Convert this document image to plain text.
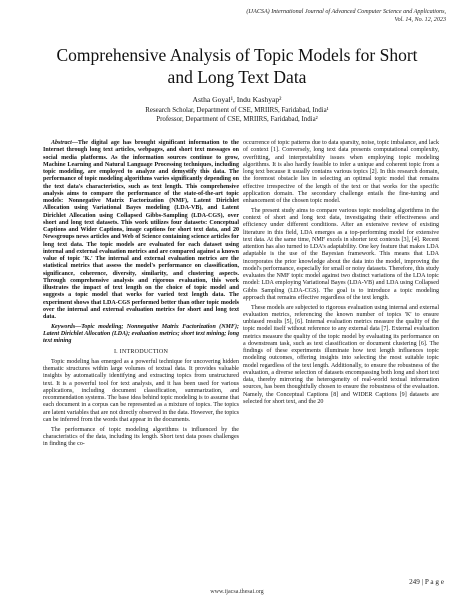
(IJACSA) International Journal of Advanced Computer Science and Applications,
Vol. 14, No. 12, 2023
Comprehensive Analysis of Topic Models for Short
and Long Text Data
Astha Goyal¹, Indu Kashyap²
Research Scholar, Department of CSE, MRIIRS, Faridabad, India¹
Professor, Department of CSE, MRIIRS, Faridabad, India²

Abstract—The digital age has brought significant information to the Internet through long text articles, webpages, and short text messages on social media platforms. As the information sources continue to grow, Machine Learning and Natural Language Processing techniques, including topic modeling, are employed to analyze and demystify this data. The performance of topic modeling algorithms varies significantly depending on the text data's characteristics, such as text length. This comprehensive analysis aims to compare the performance of the state-of-the-art topic models: Nonnegative Matrix Factorization (NMF), Latent Dirichlet Allocation using Variational Bayes modeling (LDA-VB), and Latent Dirichlet Allocation using Collapsed Gibbs-Sampling (LDA-CGS), over short and long text datasets. This work utilizes four datasets: Conceptual Captions and Wider Captions, image captions for short text data, and 20 Newsgroups news articles and Web of Science containing science articles for long text data. The topic models are evaluated for each dataset using internal and external evaluation metrics and are compared against a known value of topic 'K.' The internal and external evaluation metrics are the statistical metrics that assess the model's performance on classification, significance, coherence, diversity, similarity, and clustering aspects. Through comprehensive analysis and rigorous evaluation, this work illustrates the impact of text length on the choice of topic model and suggests a topic model that works for varied text length data. The experiment shows that LDA-CGS performed better than other topic models over the internal and external evaluation metrics for short and long text data.

Keywords—Topic modeling; Nonnegative Matrix Factorization (NMF); Latent Dirichlet Allocation (LDA); evaluation metrics; short text mining; long text mining

I. INTRODUCTION

Topic modeling has emerged as a powerful technique for uncovering hidden thematic structures within large volumes of textual data. It provides valuable insights by automatically identifying and extracting topics from unstructured text. It is a powerful tool for text analysis, and it has been used for various applications, including document classification, summarization, and recommendation systems. The base idea behind topic modeling is to assume that each document in a corpus can be represented as a mixture of topics. The topics are latent variables that are not directly observed in the data. However, the topics can be inferred from the words that appear in the documents.

The performance of topic modeling algorithms is influenced by the characteristics of the data, including its length. Short text data poses challenges in finding the co-

occurrence of topic patterns due to data sparsity, noise, topic imbalance, and lack of context [1]. Conversely, long text data presents computational complexity, overfitting, and interpretability issues when employing topic modeling algorithms. It is also hardly feasible to infer a unique and coherent topic from a long text because it usually contains various topics [2]. In this research domain, the foremost obstacle lies in selecting an optimal topic model that remains effective irrespective of the length of the text or that works for the specific application domain. The secondary challenge entails the fine-tuning and enhancement of the chosen topic model.

The present study aims to compare various topic modeling algorithms in the context of short and long text data, investigating their effectiveness and efficiency under different conditions. After an extensive review of existing literature in this field, LDA emerges as a top-performing model for extensive text data. At the same time, NMF excels in shorter text contexts [3], [4]. Recent attention has also turned to LDA's adaptability. One key feature that makes LDA adaptable is the use of the Bayesian framework. This means that LDA incorporates the prior knowledge about the data into the model, improving the model's performance, especially for small or noisy datasets. Therefore, this study evaluates the NMF topic model against two distinct variations of the LDA topic model: LDA employing Variational Bayes (LDA-VB) and LDA using Collapsed Gibbs Sampling (LDA-CGS). The goal is to introduce a topic modeling approach that remains effective regardless of the text length.

These models are subjected to rigorous evaluation using internal and external evaluation metrics, referencing the known number of topics 'K' to ensure unbiased results [5], [6]. Internal evaluation metrics measure the quality of the topic model itself without reference to any external data [7]. External evaluation metrics measure the quality of the topic model by evaluating its performance on a downstream task, such as text classification or document clustering [6]. The findings of these experiments illuminate how text length influences topic modeling outcomes, offering insights into selecting the most suitable topic model regardless of the text length. Additionally, to ensure the robustness of the evaluation, a diverse selection of datasets encompassing both long and short text data, thereby mirroring the heterogeneity of real-world textual information sources, has been thoughtfully chosen to ensure the robustness of the evaluation. Namely, the Conceptual Captions [8] and WIDER Captions [9] datasets are selected for short text, and the 20

249 | P a g e
www.ijacsa.thesai.org
